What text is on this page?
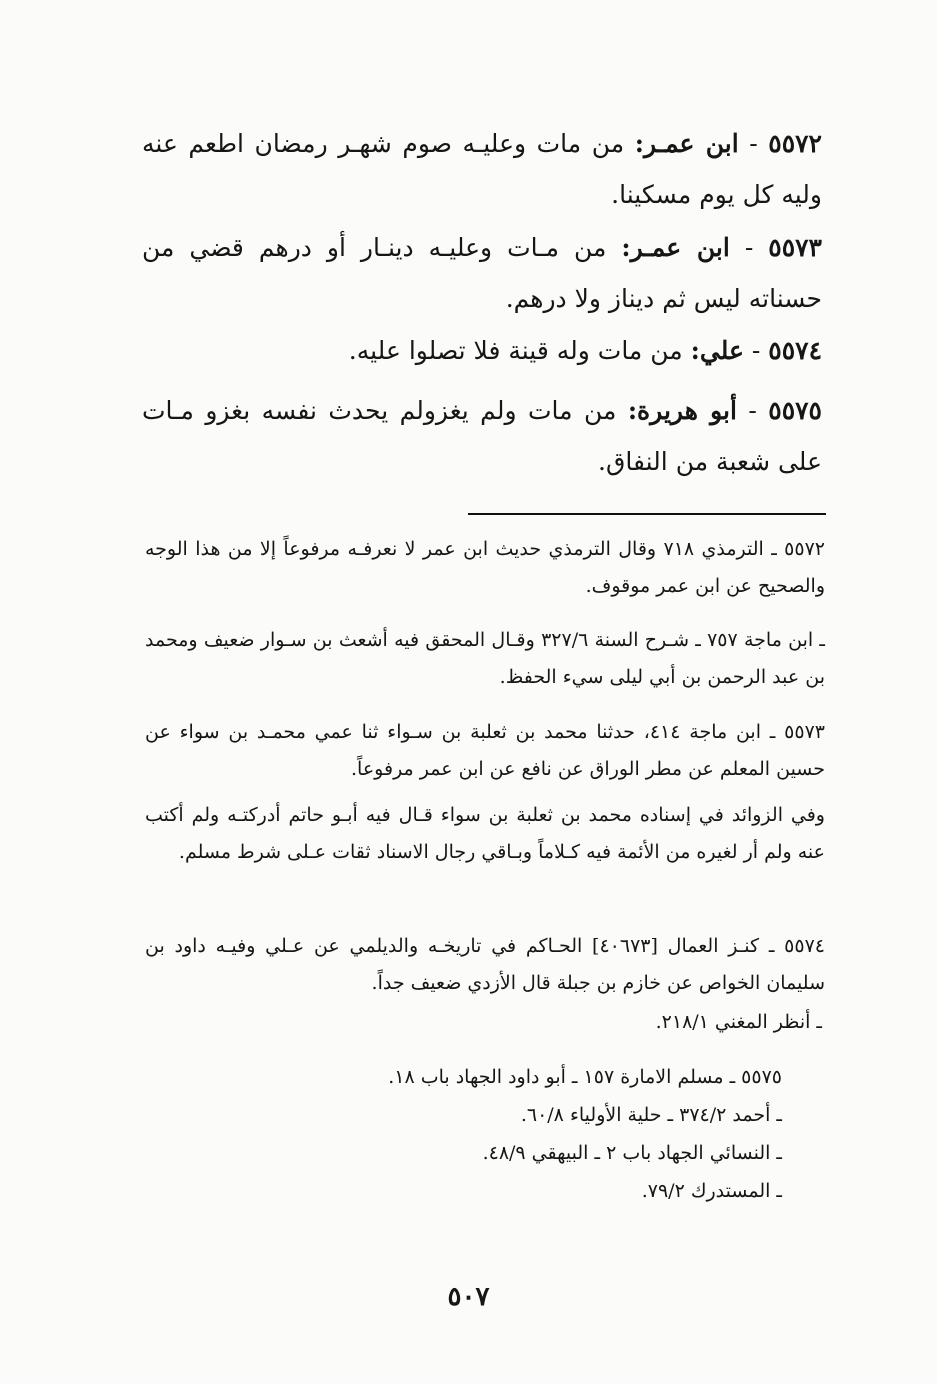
٥٥٧٢ - ابن عمـر: من مات وعليـه صوم شهـر رمضان اطعم عنه وليه كل يوم مسكينا.
٥٥٧٣ - ابن عمـر: من مـات وعليـه دينـار أو درهم قضي من حسناته ليس ثم ديناز ولا درهم.
٥٥٧٤ - علي: من مات وله قينة فلا تصلوا عليه.
٥٥٧٥ - أبو هريرة: من مات ولم يغزولم يحدث نفسه بغزو مـات على شعبة من النفاق.
٥٥٧٢ ـ الترمذي ٧١٨ وقال الترمذي حديث ابن عمر لا نعرفـه مرفوعاً إلا من هذا الوجه والصحيح عن ابن عمر موقوف.
ـ ابن ماجة ٧٥٧ ـ شـرح السنة ٣٢٧/٦ وقـال المحقق فيه أشعث بن سـوار ضعيف ومحمد بن عبد الرحمن بن أبي ليلى سيء الحفظ.
٥٥٧٣ ـ ابن ماجة ٤١٤، حدثنا محمد بن ثعلبة بن سـواء ثنا عمي محمـد بن سواء عن حسين المعلم عن مطر الوراق عن نافع عن ابن عمر مرفوعاً.
وفي الزوائد في إسناده محمد بن ثعلبة بن سواء قـال فيه أبـو حاتم أدركتـه ولم أكتب عنه ولم أر لغيره من الأئمة فيه كـلاماً وبـاقي رجال الاسناد ثقات عـلى شرط مسلم.
٥٥٧٤ ـ كنـز العمال [٤٠٦٧٣] الحـاكم في تاريخـه والديلمي عن عـلي وفيـه داود بن سليمان الخواص عن خازم بن جبلة قال الأزدي ضعيف جداً.
ـ أنظر المغني ٢١٨/١.
٥٥٧٥ ـ مسلم الامارة ١٥٧ ـ أبو داود الجهاد باب ١٨.
ـ أحمد ٣٧٤/٢ ـ حلية الأولياء ٦٠/٨.
ـ النسائي الجهاد باب ٢ ـ البيهقي ٤٨/٩.
ـ المستدرك ٧٩/٢.
٥٠٧
